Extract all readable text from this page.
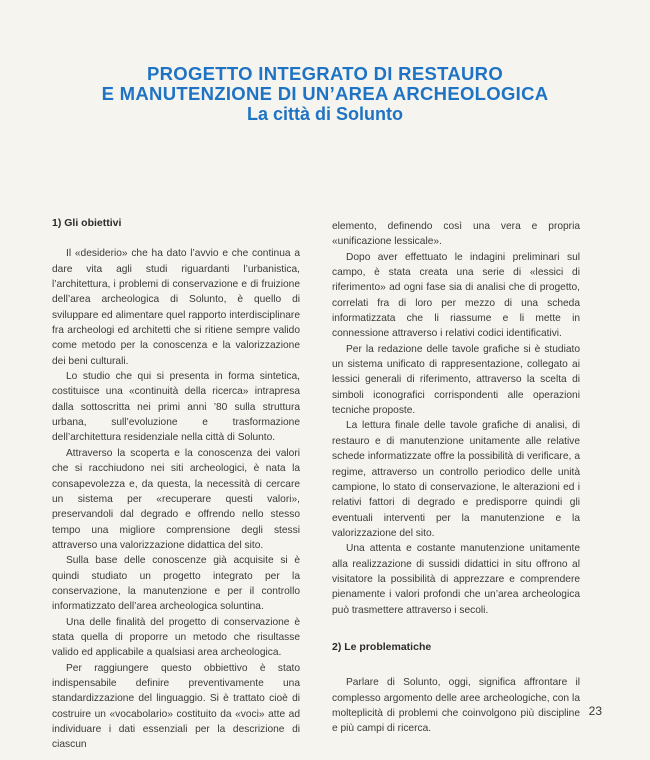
PROGETTO INTEGRATO DI RESTAURO
E MANUTENZIONE DI UN’AREA ARCHEOLOGICA
La città di Solunto

1) Gli obiettivi

Il «desiderio» che ha dato l’avvio e che continua a dare vita agli studi riguardanti l’urbanistica, l’architettura, i problemi di conservazione e di fruizione dell’area archeologica di Solunto, è quello di sviluppare ed alimentare quel rapporto interdisciplinare fra archeologi ed architetti che si ritiene sempre valido come metodo per la conoscenza e la valorizzazione dei beni culturali.

Lo studio che qui si presenta in forma sintetica, costituisce una «continuità della ricerca» intrapresa dalla sottoscritta nei primi anni ’80 sulla struttura urbana, sull’evoluzione e trasformazione dell’architettura residenziale nella città di Solunto.

Attraverso la scoperta e la conoscenza dei valori che si racchiudono nei siti archeologici, è nata la consapevolezza e, da questa, la necessità di cercare un sistema per «recuperare questi valori», preservandoli dal degrado e offrendo nello stesso tempo una migliore comprensione degli stessi attraverso una valorizzazione didattica del sito.

Sulla base delle conoscenze già acquisite si è quindi studiato un progetto integrato per la conservazione, la manutenzione e per il controllo informatizzato dell’area archeologica soluntina.

Una delle finalità del progetto di conservazione è stata quella di proporre un metodo che risultasse valido ed applicabile a qualsiasi area archeologica.

Per raggiungere questo obbiettivo è stato indispensabile definire preventivamente una standardizzazione del linguaggio. Si è trattato cioè di costruire un «vocabolario» costituito da «voci» atte ad individuare i dati essenziali per la descrizione di ciascun

elemento, definendo così una vera e propria «unificazione lessicale».

Dopo aver effettuato le indagini preliminari sul campo, è stata creata una serie di «lessici di riferimento» ad ogni fase sia di analisi che di progetto, correlati fra di loro per mezzo di una scheda informatizzata che li riassume e li mette in connessione attraverso i relativi codici identificativi.

Per la redazione delle tavole grafiche si è studiato un sistema unificato di rappresentazione, collegato ai lessici generali di riferimento, attraverso la scelta di simboli iconografici corrispondenti alle operazioni tecniche proposte.

La lettura finale delle tavole grafiche di analisi, di restauro e di manutenzione unitamente alle relative schede informatizzate offre la possibilità di verificare, a regime, attraverso un controllo periodico delle unità campione, lo stato di conservazione, le alterazioni ed i relativi fattori di degrado e predisporre quindi gli eventuali interventi per la manutenzione e la valorizzazione del sito.

Una attenta e costante manutenzione unitamente alla realizzazione di sussidi didattici in situ offrono al visitatore la possibilità di apprezzare e comprendere pienamente i valori profondi che un’area archeologica può trasmettere attraverso i secoli.

2) Le problematiche

Parlare di Solunto, oggi, significa affrontare il complesso argomento delle aree archeologiche, con la molteplicità di problemi che coinvolgono più discipline e più campi di ricerca.

23
